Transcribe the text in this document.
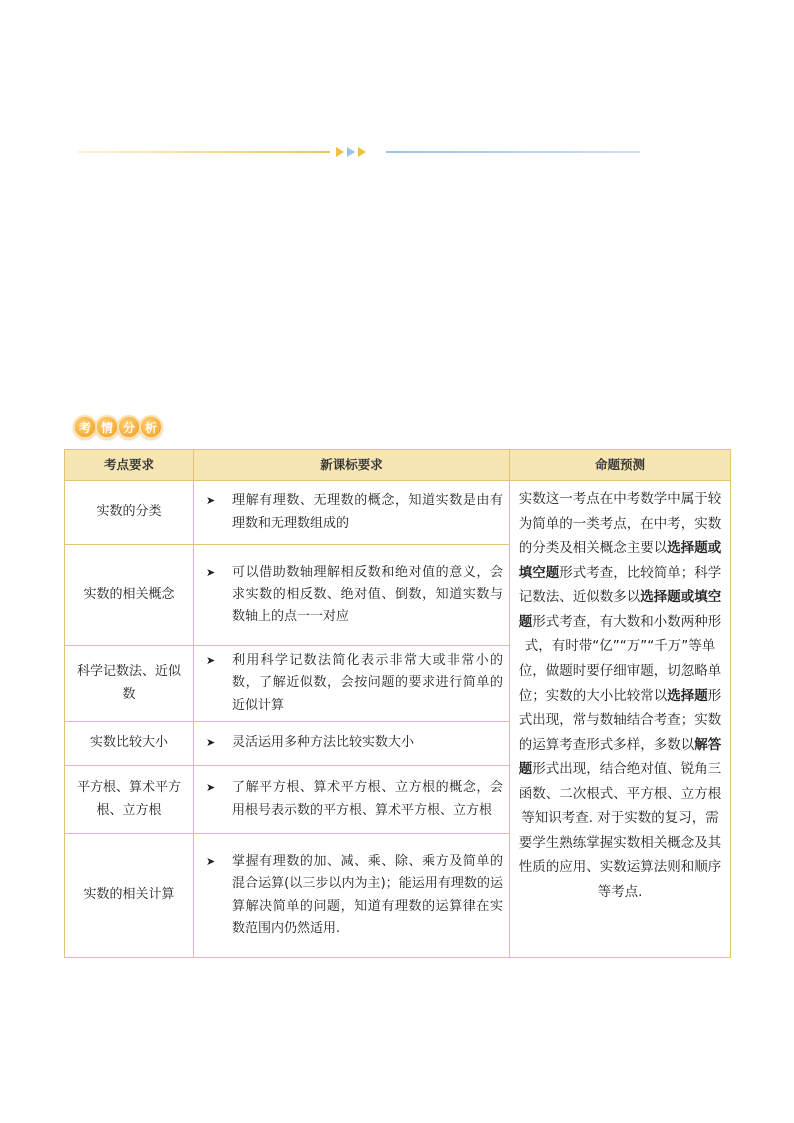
考 情 分 析
考点要求	新课标要求	命题预测
实数的分类	➤ 理解有理数、无理数的概念，知道实数是由有理数和无理数组成的	实数这一考点在中考数学中属于较为简单的一类考点，在中考，实数的分类及相关概念主要以选择题或填空题形式考查，比较简单；科学记数法、近似数多以选择题或填空题形式考查，有大数和小数两种形式，有时带“亿”“万”“千万”等单位，做题时要仔细审题，切忽略单位；实数的大小比较常以选择题形式出现，常与数轴结合考查；实数的运算考查形式多样，多数以解答题形式出现，结合绝对值、锐角三函数、二次根式、平方根、立方根等知识考查. 对于实数的复习，需要学生熟练掌握实数相关概念及其性质的应用、实数运算法则和顺序等考点.
实数的相关概念	➤ 可以借助数轴理解相反数和绝对值的意义，会求实数的相反数、绝对值、倒数，知道实数与数轴上的点一一对应	

科学记数法、近似数	➤ 利用科学记数法简化表示非常大或非常小的数，了解近似数，会按问题的要求进行简单的近似计算	

实数比较大小	➤ 灵活运用多种方法比较实数大小	

平方根、算术平方根、立方根	➤ 了解平方根、算术平方根、立方根的概念，会用根号表示数的平方根、算术平方根、立方根	

实数的相关计算	➤ 掌握有理数的加、减、乘、除、乘方及简单的混合运算(以三步以内为主)；能运用有理数的运算解决简单的问题，知道有理数的运算律在实数范围内仍然适用.	
